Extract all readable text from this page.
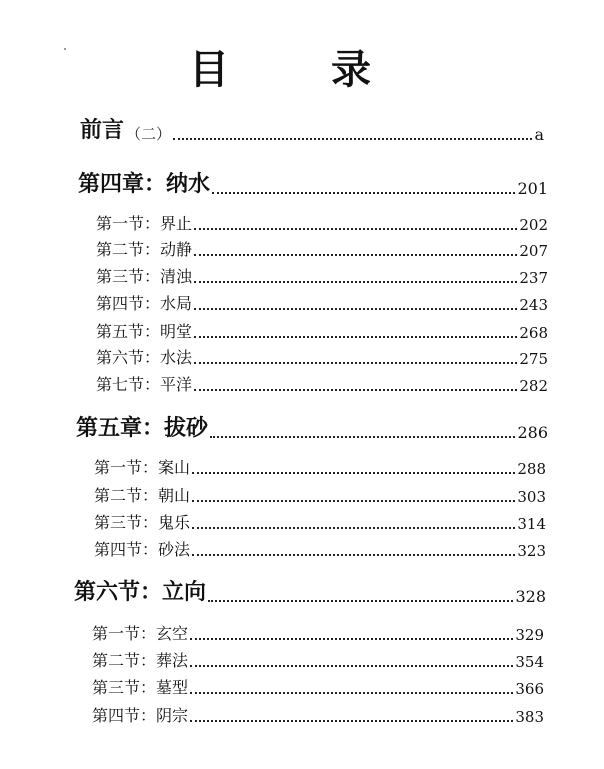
目 录
前言 （二）	a
第四章：纳水	201
第一节：界止	202
第二节：动静	207
第三节：清浊	237
第四节：水局	243
第五节：明堂	268
第六节：水法	275
第七节：平洋	282
第五章：拔砂	286
第一节：案山	288
第二节：朝山	303
第三节：鬼乐	314
第四节：砂法	323
第六节：立向	328
第一节：玄空	329
第二节：葬法	354
第三节：墓型	366
第四节：阴宗	383
